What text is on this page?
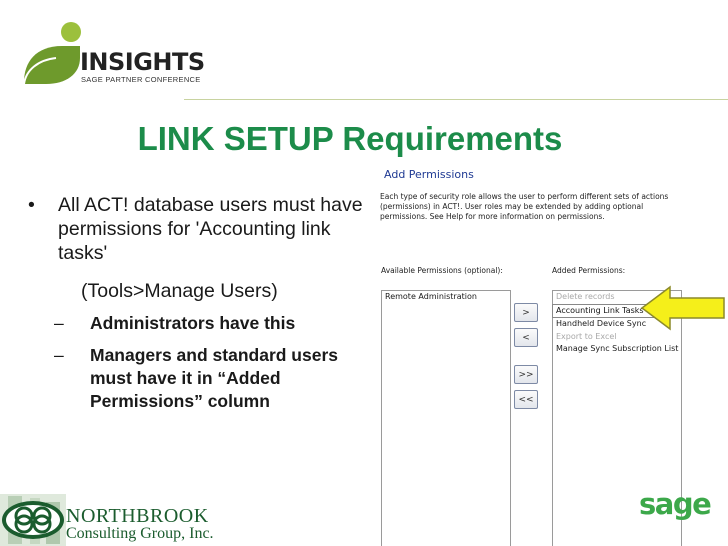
INSIGHTS
SAGE PARTNER CONFERENCE
LINK SETUP Requirements
•	All ACT! database users must have permissions for 'Accounting link tasks'
(Tools>Manage Users)
–	Administrators have this
–	Managers and standard users must have it in “Added Permissions” column
Add Permissions
Each type of security role allows the user to perform different sets of actions (permissions) in ACT!. User roles may be extended by adding optional permissions. See Help for more information on permissions.
Available Permissions (optional):	Added Permissions:
Remote Administration
>
<
>>
<<
Delete records
Accounting Link Tasks
Handheld Device Sync
Export to Excel
Manage Sync Subscription List
NORTHBROOK
Consulting Group, Inc.
sage
